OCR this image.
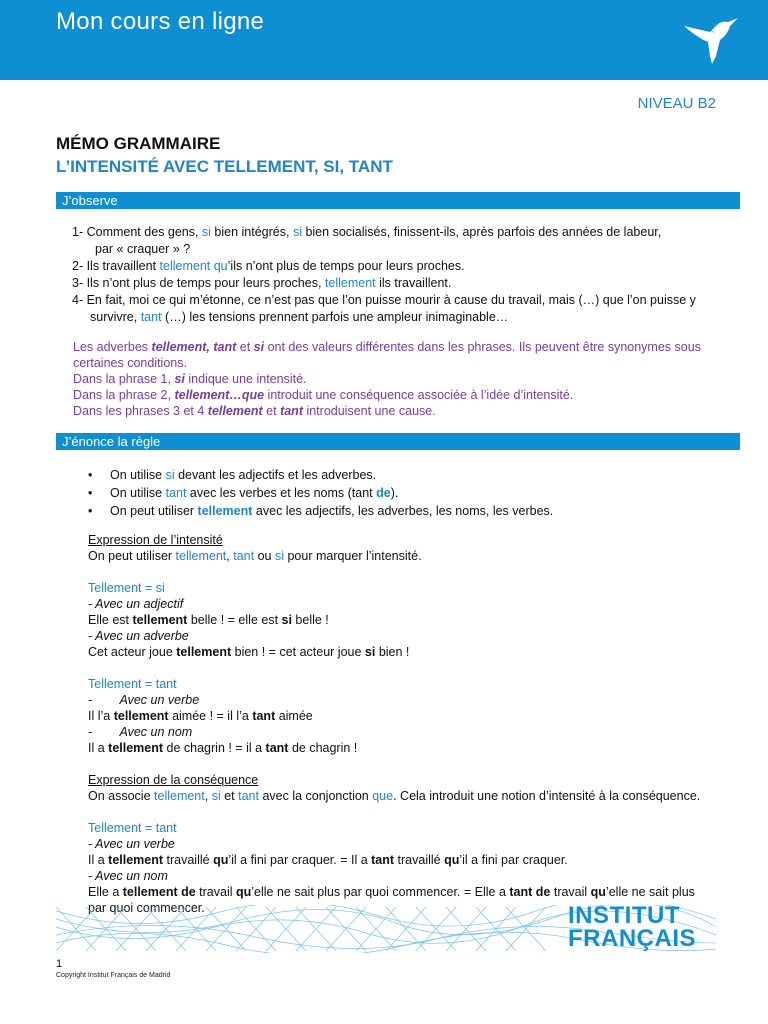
Mon cours en ligne
NIVEAU B2
MÉMO GRAMMAIRE
L’INTENSITÉ AVEC TELLEMENT, SI, TANT
J’observe

1- Comment des gens, si bien intégrés, si bien socialisés, finissent-ils, après parfois des années de labeur,

par « craquer » ?

2- Ils travaillent tellement qu’ils n’ont plus de temps pour leurs proches.

3- Ils n’ont plus de temps pour leurs proches, tellement ils travaillent.

4- En fait, moi ce qui m’étonne, ce n’est pas que l’on puisse mourir à cause du travail, mais (…) que l’on puisse y

survivre, tant (…) les tensions prennent parfois une ampleur inimaginable…

Les adverbes tellement, tant et si ont des valeurs différentes dans les phrases. Ils peuvent être synonymes sous
certaines conditions.
Dans la phrase 1, si indique une intensité.
Dans la phrase 2, tellement…que introduit une conséquence associée à l’idée d’intensité.
Dans les phrases 3 et 4 tellement et tant introduisent une cause.
J’énonce la règle
•	On utilise si devant les adjectifs et les adverbes.
•	On utilise tant avec les verbes et les noms (tant de).
•	On peut utiliser tellement avec les adjectifs, les adverbes, les noms, les verbes.

Expression de l’intensité

On peut utiliser tellement, tant ou si pour marquer l’intensité.

Tellement = si

- Avec un adjectif

Elle est tellement belle ! = elle est si belle !

- Avec un adverbe

Cet acteur joue tellement bien ! = cet acteur joue si bien !

Tellement = tant

-        Avec un verbe

Il l’a tellement aimée ! = il l’a tant aimée

-        Avec un nom

Il a tellement de chagrin ! = il a tant de chagrin !

Expression de la conséquence

On associe tellement, si et tant avec la conjonction que. Cela introduit une notion d’intensité à la conséquence.

Tellement = tant

- Avec un verbe

Il a tellement travaillé qu’il a fini par craquer. = Il a tant travaillé qu’il a fini par craquer.

- Avec un nom

Elle a tellement de travail qu’elle ne sait plus par quoi commencer. = Elle a tant de travail qu’elle ne sait plus

par quoi commencer.	INSTITUT
FRANÇAIS
1
Copyright Institut Français de Madrid
